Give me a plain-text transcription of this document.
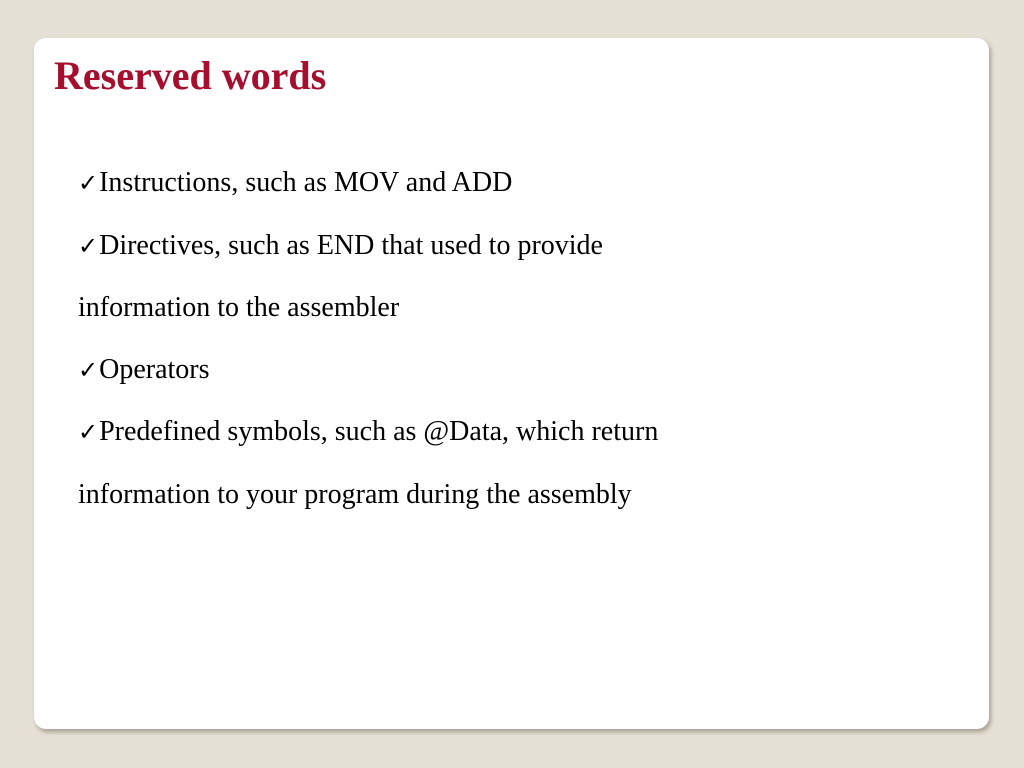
Reserved words

✓Instructions, such as MOV and ADD

✓Directives, such as END that used to provide
information to the assembler

✓Operators

✓Predefined symbols, such as @Data, which return
information to your program during the assembly
